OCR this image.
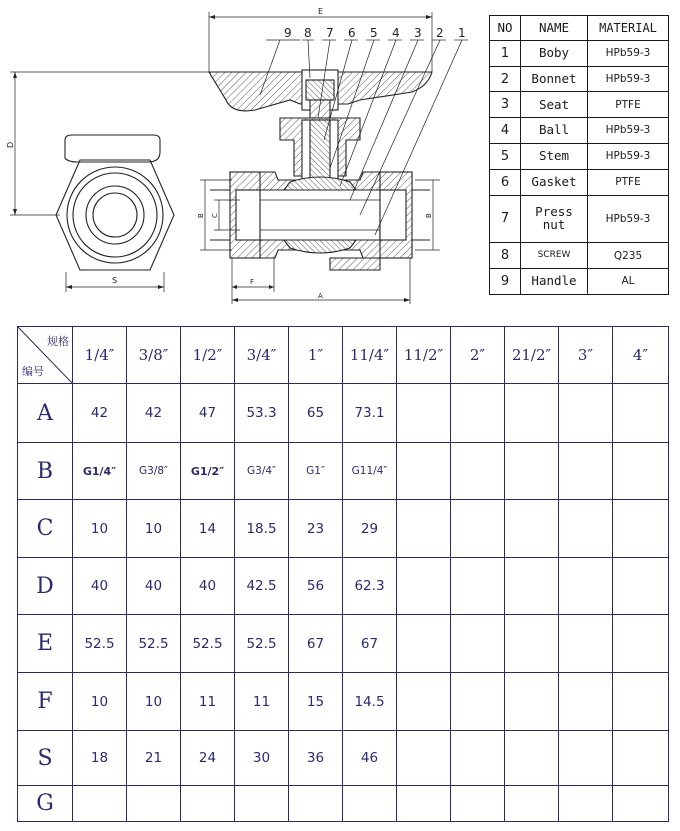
S
D
E
B C	B
F
A
9 8 7 6 5 4 3 2 1	NO	NAME	MATERIAL
1	Boby	HPb59-3
2	Bonnet	HPb59-3
3	Seat	PTFE
4	Ball	HPb59-3
5	Stem	HPb59-3
6	Gasket	PTFE
7	Press nut	HPb59-3
8	SCREW	Q235
9	Handle	AL
规格
编号	1/4″	3/8″	1/2″	3/4″	1″	11/4″	11/2″	2″	21/2″	3″	4″
A	42	42	47	53.3	65	73.1					
B	G1/4″	G3/8″	G1/2″	G3/4″	G1″	G11/4″					
C	10	10	14	18.5	23	29					
D	40	40	40	42.5	56	62.3					
E	52.5	52.5	52.5	52.5	67	67					
F	10	10	11	11	15	14.5					
S	18	21	24	30	36	46					
G											
